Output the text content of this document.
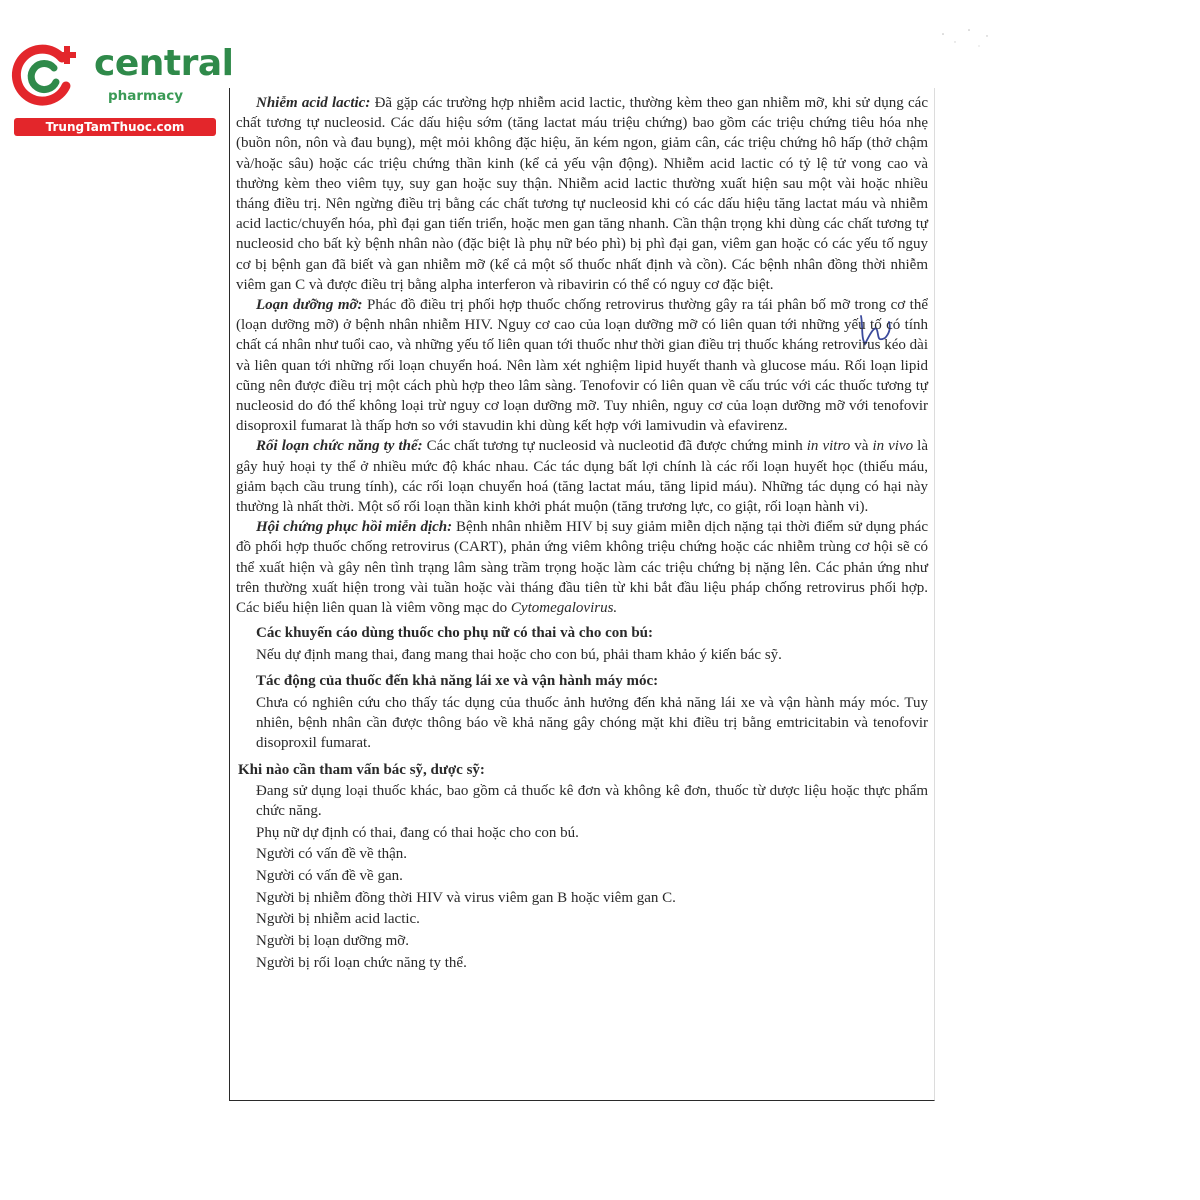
central
pharmacy
TrungTamThuoc.com

Nhiễm acid lactic: Đã gặp các trường hợp nhiễm acid lactic, thường kèm theo gan nhiễm mỡ, khi sử dụng các chất tương tự nucleosid. Các dấu hiệu sớm (tăng lactat máu triệu chứng) bao gồm các triệu chứng tiêu hóa nhẹ (buồn nôn, nôn và đau bụng), mệt mỏi không đặc hiệu, ăn kém ngon, giảm cân, các triệu chứng hô hấp (thở chậm và/hoặc sâu) hoặc các triệu chứng thần kinh (kể cả yếu vận động). Nhiễm acid lactic có tỷ lệ tử vong cao và thường kèm theo viêm tụy, suy gan hoặc suy thận. Nhiễm acid lactic thường xuất hiện sau một vài hoặc nhiều tháng điều trị. Nên ngừng điều trị bằng các chất tương tự nucleosid khi có các dấu hiệu tăng lactat máu và nhiễm acid lactic/chuyển hóa, phì đại gan tiến triển, hoặc men gan tăng nhanh. Cần thận trọng khi dùng các chất tương tự nucleosid cho bất kỳ bệnh nhân nào (đặc biệt là phụ nữ béo phì) bị phì đại gan, viêm gan hoặc có các yếu tố nguy cơ bị bệnh gan đã biết và gan nhiễm mỡ (kể cả một số thuốc nhất định và cồn). Các bệnh nhân đồng thời nhiễm viêm gan C và được điều trị bằng alpha interferon và ribavirin có thể có nguy cơ đặc biệt.

Loạn dưỡng mỡ: Phác đồ điều trị phối hợp thuốc chống retrovirus thường gây ra tái phân bố mỡ trong cơ thể (loạn dưỡng mỡ) ở bệnh nhân nhiễm HIV. Nguy cơ cao của loạn dưỡng mỡ có liên quan tới những yếu tố có tính chất cá nhân như tuổi cao, và những yếu tố liên quan tới thuốc như thời gian điều trị thuốc kháng retrovirus kéo dài và liên quan tới những rối loạn chuyển hoá. Nên làm xét nghiệm lipid huyết thanh và glucose máu. Rối loạn lipid cũng nên được điều trị một cách phù hợp theo lâm sàng. Tenofovir có liên quan về cấu trúc với các thuốc tương tự nucleosid do đó thể không loại trừ nguy cơ loạn dưỡng mỡ. Tuy nhiên, nguy cơ của loạn dưỡng mỡ với tenofovir disoproxil fumarat là thấp hơn so với stavudin khi dùng kết hợp với lamivudin và efavirenz.

Rối loạn chức năng ty thể: Các chất tương tự nucleosid và nucleotid đã được chứng minh in vitro và in vivo là gây huỷ hoại ty thể ở nhiều mức độ khác nhau. Các tác dụng bất lợi chính là các rối loạn huyết học (thiếu máu, giảm bạch cầu trung tính), các rối loạn chuyển hoá (tăng lactat máu, tăng lipid máu). Những tác dụng có hại này thường là nhất thời. Một số rối loạn thần kinh khởi phát muộn (tăng trương lực, co giật, rối loạn hành vi).

Hội chứng phục hồi miễn dịch: Bệnh nhân nhiễm HIV bị suy giảm miễn dịch nặng tại thời điểm sử dụng phác đồ phối hợp thuốc chống retrovirus (CART), phản ứng viêm không triệu chứng hoặc các nhiễm trùng cơ hội sẽ có thể xuất hiện và gây nên tình trạng lâm sàng trầm trọng hoặc làm các triệu chứng bị nặng lên. Các phản ứng như trên thường xuất hiện trong vài tuần hoặc vài tháng đầu tiên từ khi bắt đầu liệu pháp chống retrovirus phối hợp. Các biểu hiện liên quan là viêm võng mạc do Cytomegalovirus.

Các khuyến cáo dùng thuốc cho phụ nữ có thai và cho con bú:
Nếu dự định mang thai, đang mang thai hoặc cho con bú, phải tham khảo ý kiến bác sỹ.
Tác động của thuốc đến khả năng lái xe và vận hành máy móc:
Chưa có nghiên cứu cho thấy tác dụng của thuốc ảnh hưởng đến khả năng lái xe và vận hành máy móc. Tuy nhiên, bệnh nhân cần được thông báo về khả năng gây chóng mặt khi điều trị bằng emtricitabin và tenofovir disoproxil fumarat.
Khi nào cần tham vấn bác sỹ, dược sỹ:
Đang sử dụng loại thuốc khác, bao gồm cả thuốc kê đơn và không kê đơn, thuốc từ dược liệu hoặc thực phẩm chức năng.
Phụ nữ dự định có thai, đang có thai hoặc cho con bú.
Người có vấn đề về thận.
Người có vấn đề về gan.
Người bị nhiễm đồng thời HIV và virus viêm gan B hoặc viêm gan C.
Người bị nhiễm acid lactic.
Người bị loạn dưỡng mỡ.
Người bị rối loạn chức năng ty thể.
